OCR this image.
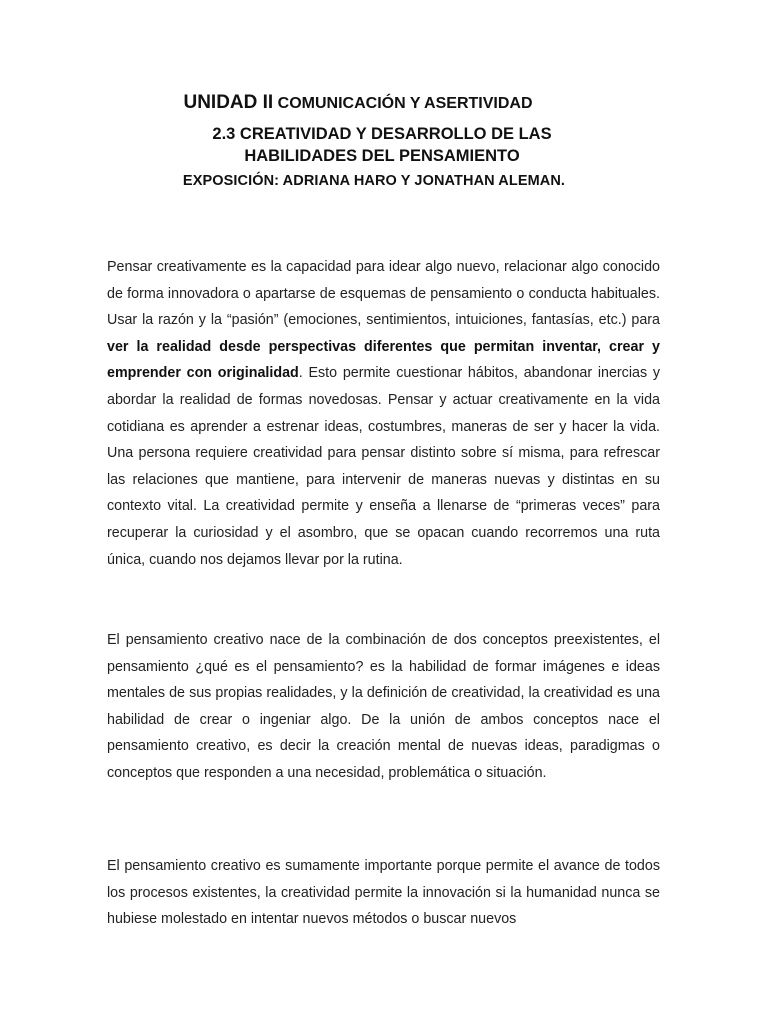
UNIDAD II COMUNICACIÓN Y ASERTIVIDAD
2.3 CREATIVIDAD Y DESARROLLO DE LAS
HABILIDADES DEL PENSAMIENTO
EXPOSICIÓN: ADRIANA HARO Y JONATHAN ALEMAN.

Pensar creativamente es la capacidad para idear algo nuevo, relacionar algo conocido de forma innovadora o apartarse de esquemas de pensamiento o conducta habituales. Usar la razón y la “pasión” (emociones, sentimientos, intuiciones, fantasías, etc.) para ver la realidad desde perspectivas diferentes que permitan inventar, crear y emprender con originalidad. Esto permite cuestionar hábitos, abandonar inercias y abordar la realidad de formas novedosas. Pensar y actuar creativamente en la vida cotidiana es aprender a estrenar ideas, costumbres, maneras de ser y hacer la vida. Una persona requiere creatividad para pensar distinto sobre sí misma, para refrescar las relaciones que mantiene, para intervenir de maneras nuevas y distintas en su contexto vital. La creatividad permite y enseña a llenarse de “primeras veces” para recuperar la curiosidad y el asombro, que se opacan cuando recorremos una ruta única, cuando nos dejamos llevar por la rutina.

El pensamiento creativo nace de la combinación de dos conceptos preexistentes, el pensamiento ¿qué es el pensamiento? es la habilidad de formar imágenes e ideas mentales de sus propias realidades, y la definición de creatividad, la creatividad es una habilidad de crear o ingeniar algo. De la unión de ambos conceptos nace el pensamiento creativo, es decir la creación mental de nuevas ideas, paradigmas o conceptos que responden a una necesidad, problemática o situación.

El pensamiento creativo es sumamente importante porque permite el avance de todos los procesos existentes, la creatividad permite la innovación si la humanidad nunca se hubiese molestado en intentar nuevos métodos o buscar nuevos
